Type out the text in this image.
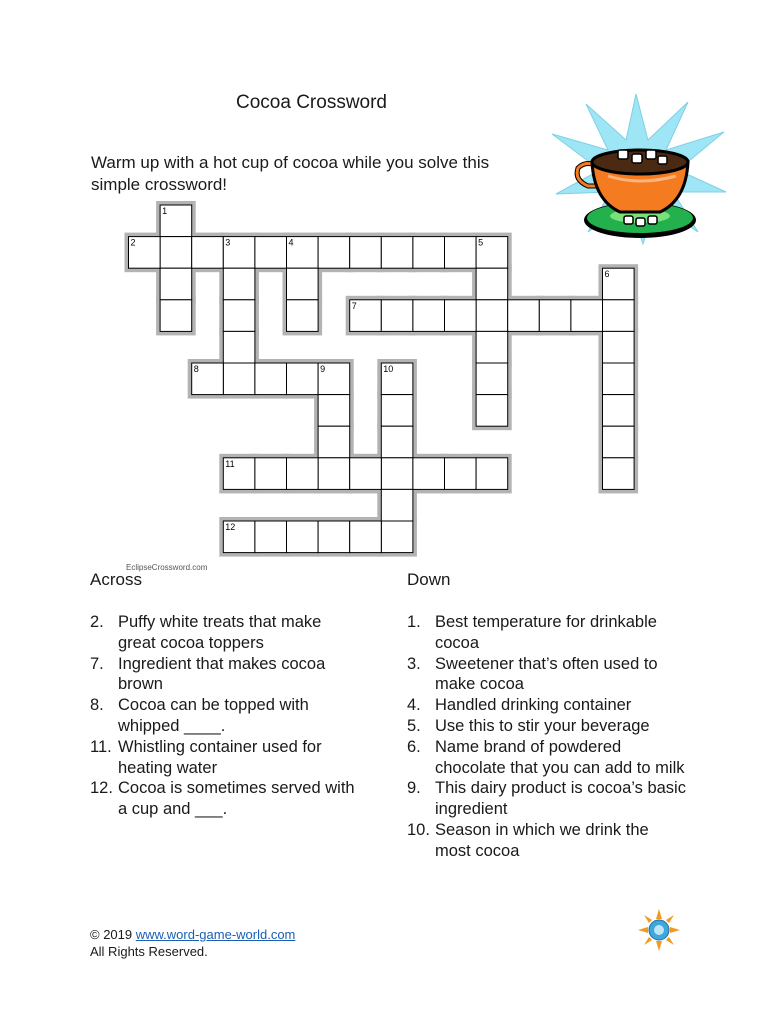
Cocoa Crossword
Warm up with a hot cup of cocoa while you solve this simple crossword!
1
2	3	4	5
6
7
8	9	10
11
12
EclipseCrossword.com
Across	Down
2. Puffy white treats that make great cocoa toppers
7. Ingredient that makes cocoa brown
8. Cocoa can be topped with whipped ____.
11. Whistling container used for heating water
12. Cocoa is sometimes served with a cup and ___.
1. Best temperature for drinkable cocoa
3. Sweetener that’s often used to make cocoa
4. Handled drinking container
5. Use this to stir your beverage
6. Name brand of powdered chocolate that you can add to milk
9. This dairy product is cocoa’s basic ingredient
10. Season in which we drink the most cocoa
© 2019 www.word-game-world.com
All Rights Reserved.
